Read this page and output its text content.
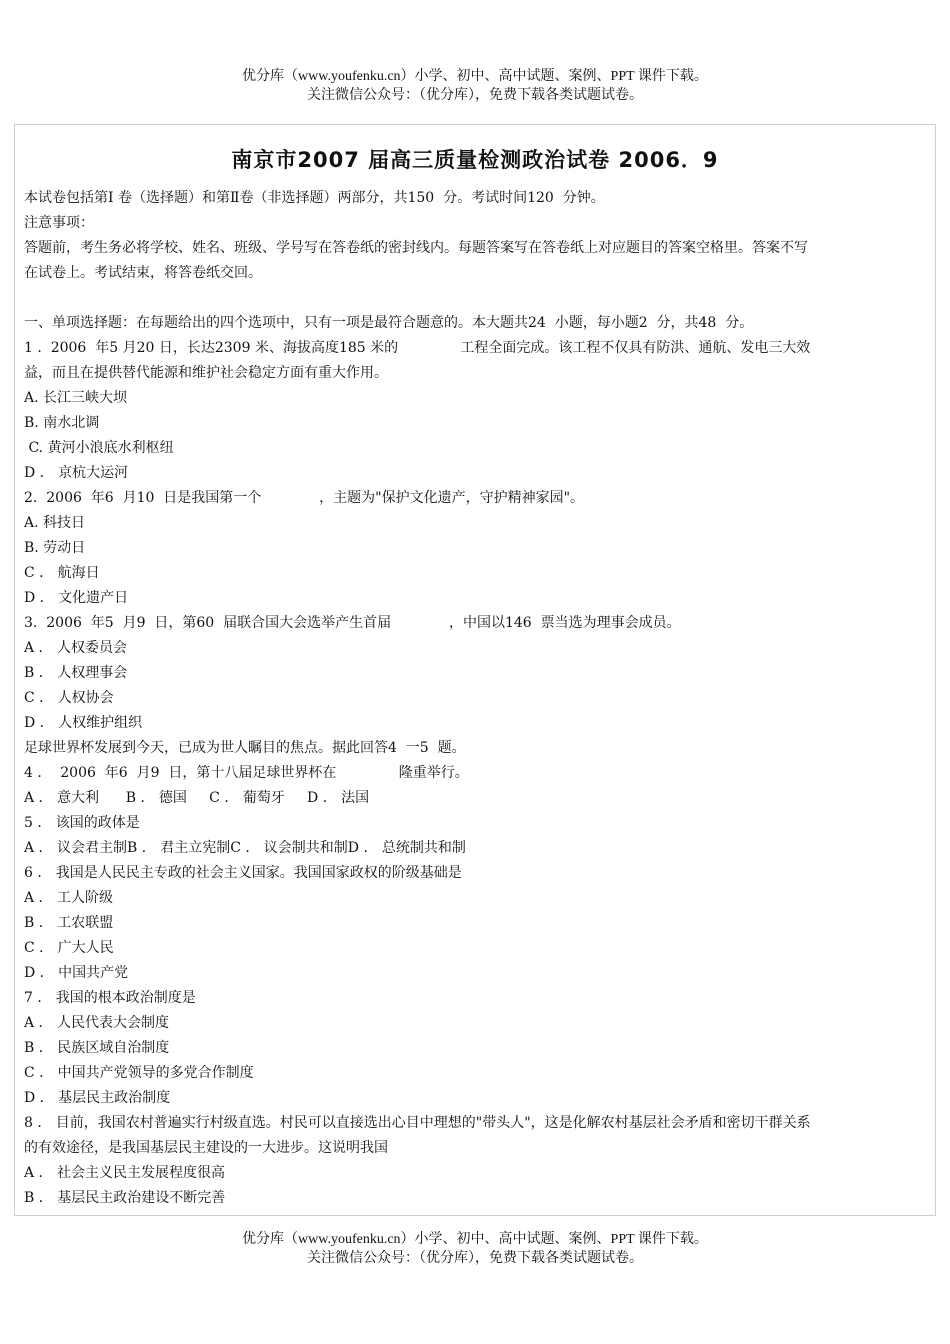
优分库（www.youfenku.cn）小学、初中、高中试题、案例、PPT 课件下载。
关注微信公众号：（优分库），免费下载各类试题试卷。
南京市2007 届高三质量检测政治试卷 2006．9

本试卷包括第Ⅰ 卷（选择题）和第Ⅱ卷（非选择题）两部分，共150  分。考试时间120  分钟。

注意事项：

答题前，考生务必将学校、姓名、班级、学号写在答卷纸的密封线内。每题答案写在答卷纸上对应题目的答案空格里。答案不写

在试卷上。考试结束，将答卷纸交回。

一、单项选择题：在每题给出的四个选项中，只有一项是最符合题意的。本大题共24  小题，每小题2  分，共48  分。

1 .  2006  年5 月20 日，长达2309 米、海拔高度185 米的              工程全面完成。该工程不仅具有防洪、通航、发电三大效

益，而且在提供替代能源和维护社会稳定方面有重大作用。

A. 长江三峡大坝

B. 南水北调

C. 黄河小浪底水利枢纽

D ． 京杭大运河

2.  2006  年6  月10  日是我国第一个             ，主题为"保护文化遗产，守护精神家园"。

A. 科技日

B. 劳动日

C ． 航海日

D ． 文化遗产日

3.  2006  年5  月9  日，第60  届联合国大会选举产生首届             ，中国以146  票当选为理事会成员。

A ． 人权委员会

B ． 人权理事会

C ． 人权协会

D ． 人权维护组织

足球世界杯发展到今天，已成为世人瞩目的焦点。据此回答4  一5  题。

4 ．  2006  年6  月9  日，第十八届足球世界杯在              隆重举行。

A ． 意大利      B ． 德国     C ． 葡萄牙     D ． 法国

5 ． 该国的政体是

A ． 议会君主制B ． 君主立宪制C ． 议会制共和制D ． 总统制共和制

6 ． 我国是人民民主专政的社会主义国家。我国国家政权的阶级基础是

A ． 工人阶级

B ． 工农联盟

C ． 广大人民

D ． 中国共产党

7 ． 我国的根本政治制度是

A ． 人民代表大会制度

B ． 民族区域自治制度

C ． 中国共产党领导的多党合作制度

D ． 基层民主政治制度

8 ． 目前，我国农村普遍实行村级直选。村民可以直接选出心目中理想的"带头人"，这是化解农村基层社会矛盾和密切干群关系

的有效途径，是我国基层民主建设的一大进步。这说明我国

A ． 社会主义民主发展程度很高

B ． 基层民主政治建设不断完善

优分库（www.youfenku.cn）小学、初中、高中试题、案例、PPT 课件下载。
关注微信公众号：（优分库），免费下载各类试题试卷。
